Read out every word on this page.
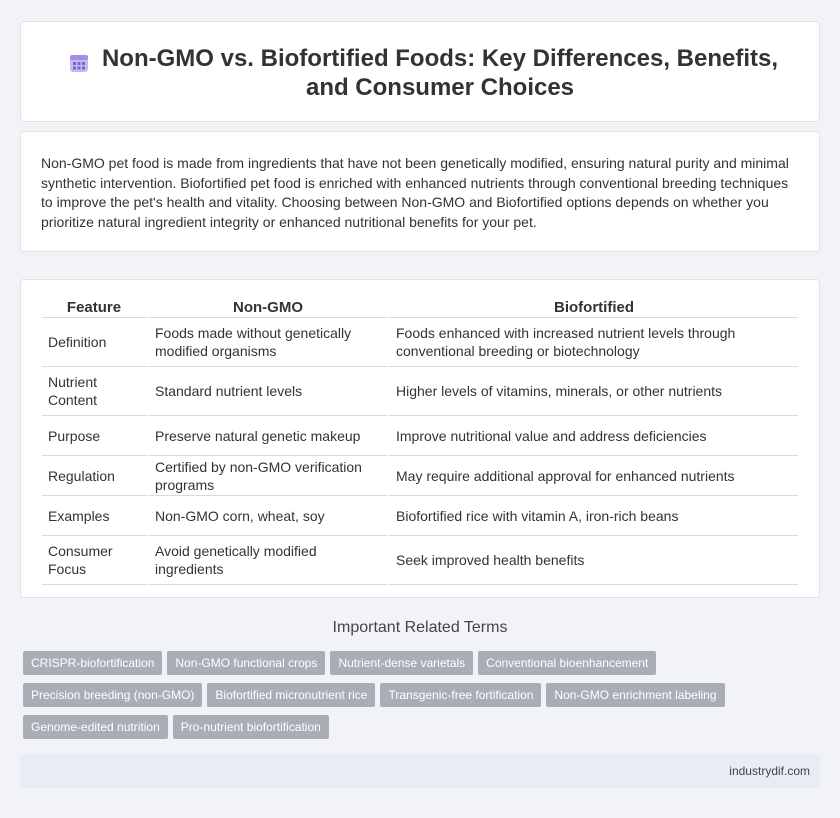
Non-GMO vs. Biofortified Foods: Key Differences, Benefits, and Consumer Choices

Non-GMO pet food is made from ingredients that have not been genetically modified, ensuring natural purity and minimal synthetic intervention. Biofortified pet food is enriched with enhanced nutrients through conventional breeding techniques to improve the pet's health and vitality. Choosing between Non-GMO and Biofortified options depends on whether you prioritize natural ingredient integrity or enhanced nutritional benefits for your pet.

Feature	Non-GMO	Biofortified
Definition	Foods made without genetically modified organisms	Foods enhanced with increased nutrient levels through conventional breeding or biotechnology
Nutrient Content	Standard nutrient levels	Higher levels of vitamins, minerals, or other nutrients
Purpose	Preserve natural genetic makeup	Improve nutritional value and address deficiencies
Regulation	Certified by non-GMO verification programs	May require additional approval for enhanced nutrients
Examples	Non-GMO corn, wheat, soy	Biofortified rice with vitamin A, iron-rich beans
Consumer Focus	Avoid genetically modified ingredients	Seek improved health benefits
Important Related Terms
CRISPR-biofortification Non-GMO functional crops Nutrient-dense varietals Conventional bioenhancement
Precision breeding (non-GMO) Biofortified micronutrient rice Transgenic-free fortification Non-GMO enrichment labeling
Genome-edited nutrition Pro-nutrient biofortification
industrydif.com
